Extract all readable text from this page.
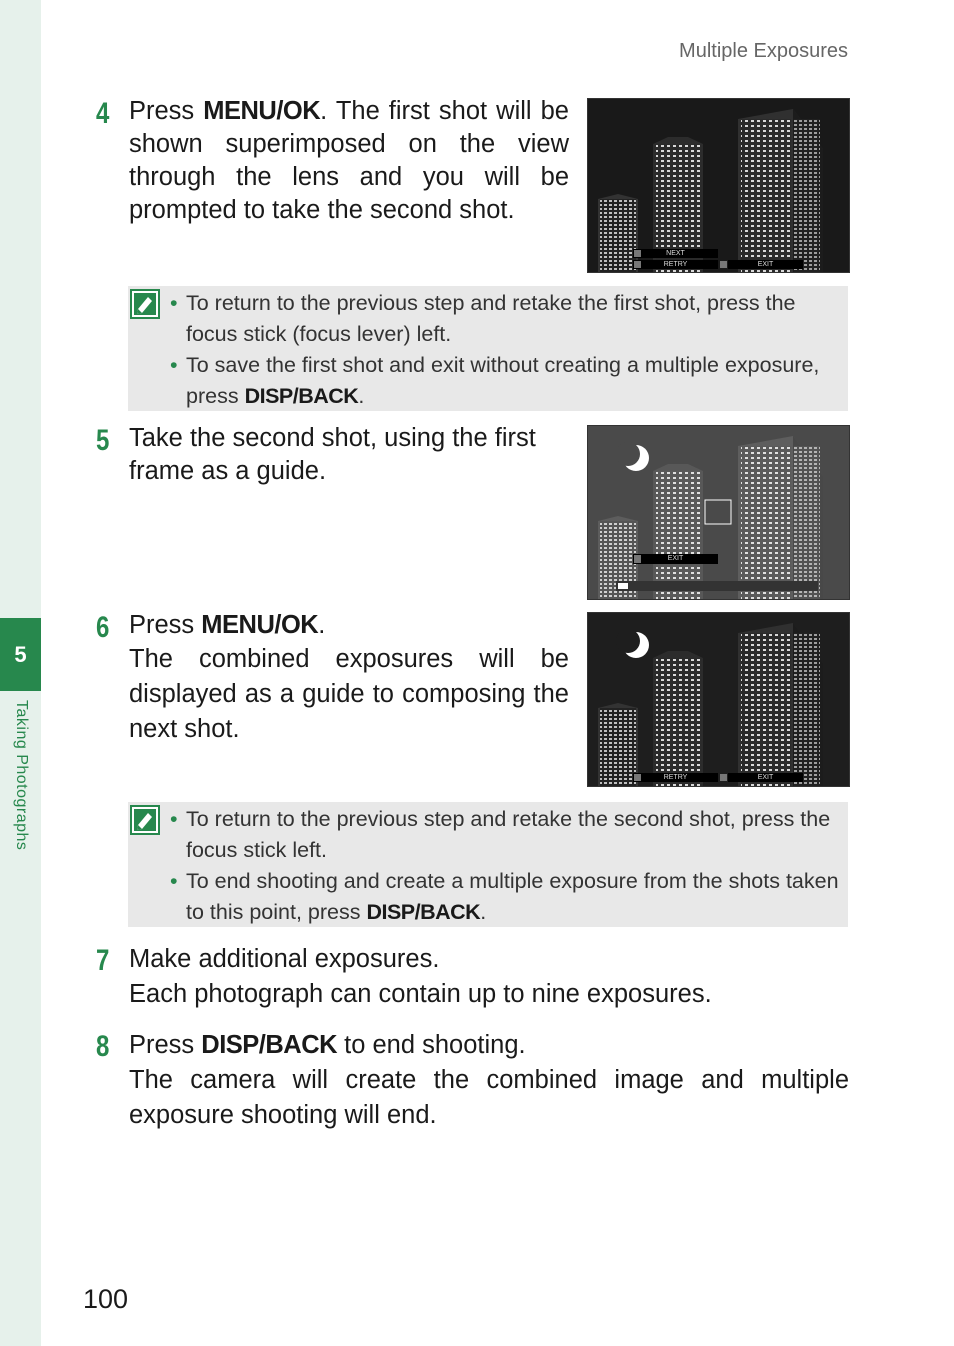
5
Taking Photographs
Multiple Exposures
4 Press MENU/OK. The first shot will be shown superimposed on the view through the lens and you will be prompted to take the second shot.
NEXT
RETRY	EXIT
• To return to the previous step and retake the first shot, press the focus stick (focus lever) left.
• To save the first shot and exit without creating a multiple exposure, press DISP/BACK.
5 Take the second shot, using the first frame as a guide.
EXIT
6 Press MENU/OK.
The combined exposures will be displayed as a guide to composing the next shot.
RETRY	EXIT
• To return to the previous step and retake the second shot, press the focus stick left.
• To end shooting and create a multiple exposure from the shots taken to this point, press DISP/BACK.
7 Make additional exposures.
Each photograph can contain up to nine exposures.
8 Press DISP/BACK to end shooting.
The camera will create the combined image and multiple exposure shooting will end.
100
